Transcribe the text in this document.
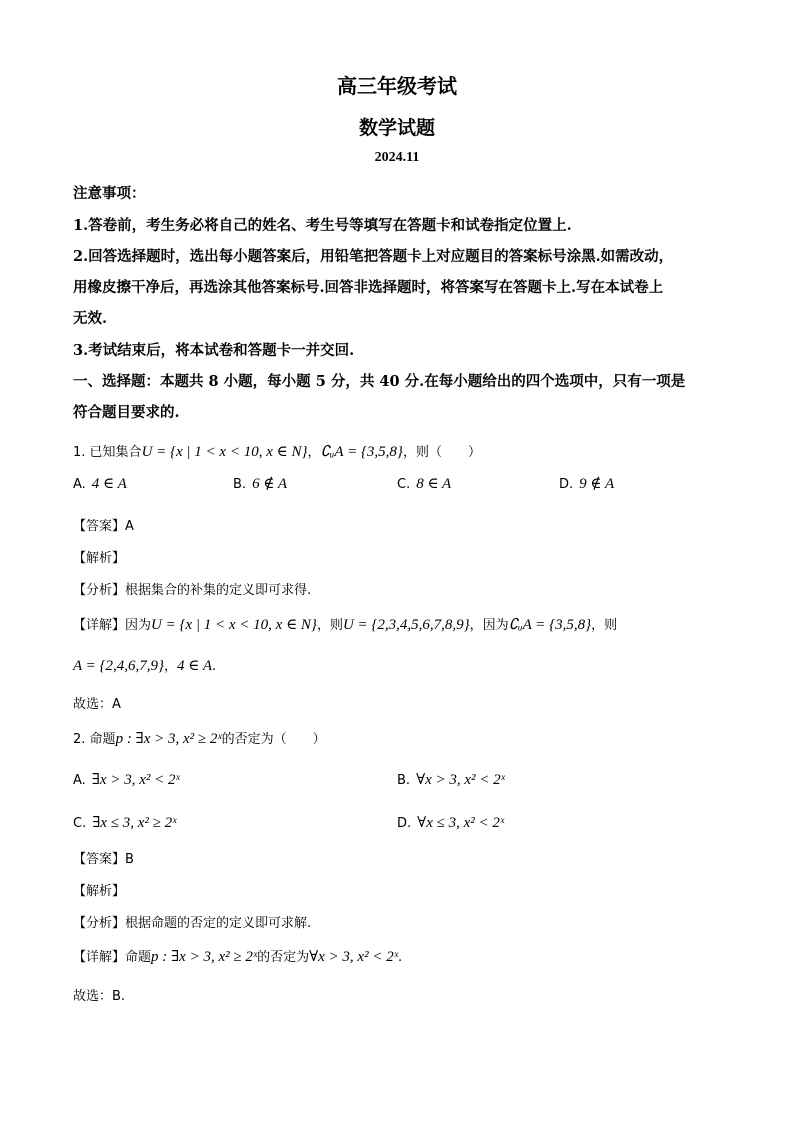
高三年级考试
数学试题
2024.11
注意事项：
1.答卷前，考生务必将自己的姓名、考生号等填写在答题卡和试卷指定位置上.
2.回答选择题时，选出每小题答案后，用铅笔把答题卡上对应题目的答案标号涂黑.如需改动，
用橡皮擦干净后，再选涂其他答案标号.回答非选择题时，将答案写在答题卡上.写在本试卷上
无效.
3.考试结束后，将本试卷和答题卡一并交回.
一、选择题：本题共 8 小题，每小题 5 分，共 40 分.在每小题给出的四个选项中，只有一项是
符合题目要求的.
1. 已知集合U = {x | 1 < x < 10, x ∈ N}，∁ᵤA = {3,5,8}，则（　　）
A. 4 ∈ A	B. 6 ∉ A	C. 8 ∈ A	D. 9 ∉ A
【答案】A
【解析】
【分析】根据集合的补集的定义即可求得.
【详解】因为U = {x | 1 < x < 10, x ∈ N}，则U = {2,3,4,5,6,7,8,9}，因为∁ᵤA = {3,5,8}，则
A = {2,4,6,7,9}，4 ∈ A.
故选：A
2. 命题p : ∃x > 3, x² ≥ 2ˣ的否定为（　　）
A. ∃x > 3, x² < 2ˣ	B. ∀x > 3, x² < 2ˣ
C. ∃x ≤ 3, x² ≥ 2ˣ	D. ∀x ≤ 3, x² < 2ˣ
【答案】B
【解析】
【分析】根据命题的否定的定义即可求解.
【详解】命题p : ∃x > 3, x² ≥ 2ˣ的否定为∀x > 3, x² < 2ˣ.
故选：B.
